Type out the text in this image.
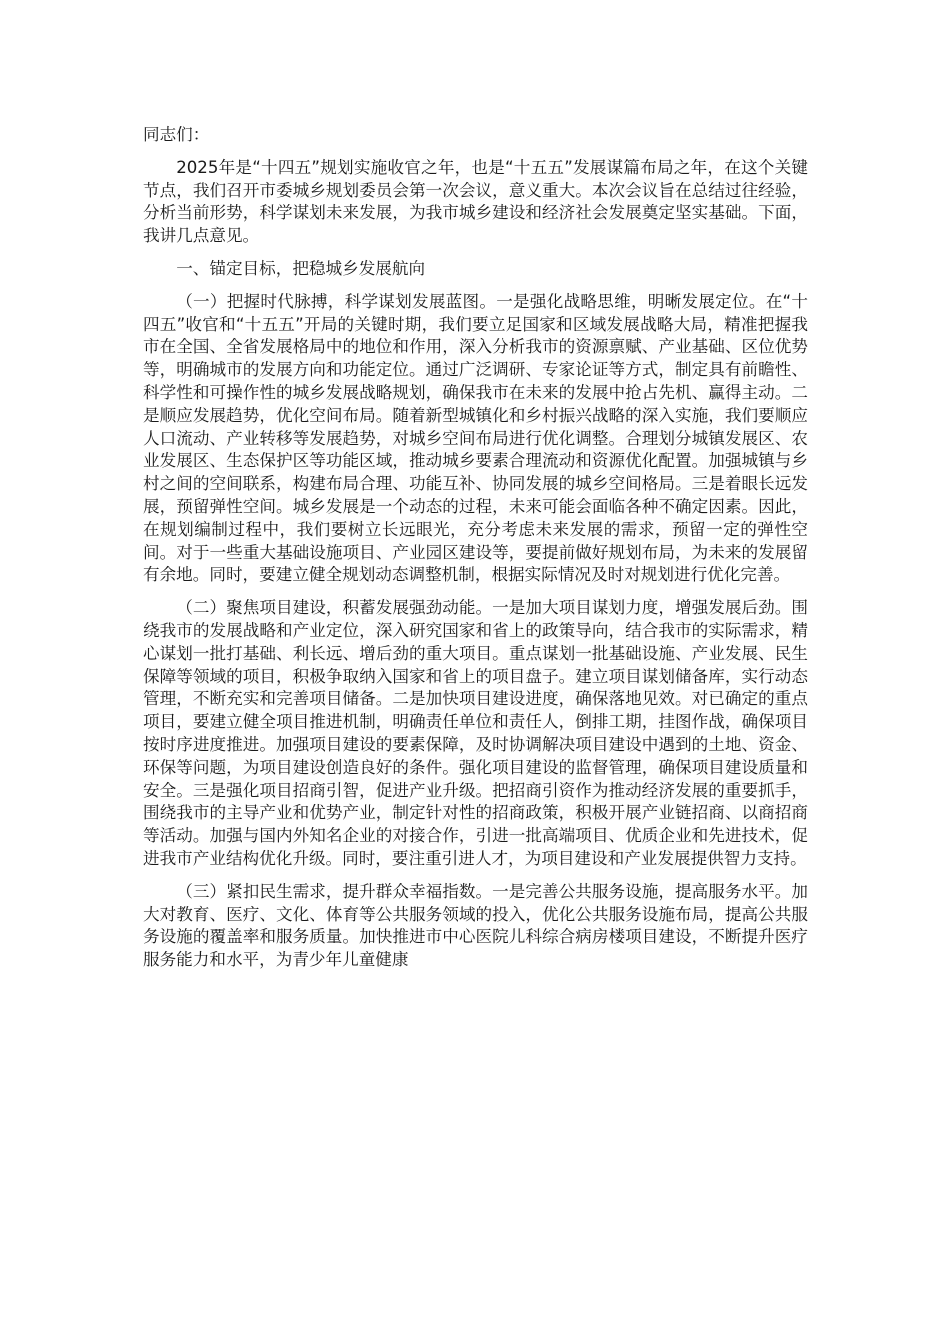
同志们：

2025年是“十四五”规划实施收官之年，也是“十五五”发展谋篇布局之年，在这个关键节点，我们召开市委城乡规划委员会第一次会议，意义重大。本次会议旨在总结过往经验，分析当前形势，科学谋划未来发展，为我市城乡建设和经济社会发展奠定坚实基础。下面，我讲几点意见。

一、锚定目标，把稳城乡发展航向

（一）把握时代脉搏，科学谋划发展蓝图。一是强化战略思维，明晰发展定位。在“十四五”收官和“十五五”开局的关键时期，我们要立足国家和区域发展战略大局，精准把握我市在全国、全省发展格局中的地位和作用，深入分析我市的资源禀赋、产业基础、区位优势等，明确城市的发展方向和功能定位。通过广泛调研、专家论证等方式，制定具有前瞻性、科学性和可操作性的城乡发展战略规划，确保我市在未来的发展中抢占先机、赢得主动。二是顺应发展趋势，优化空间布局。随着新型城镇化和乡村振兴战略的深入实施，我们要顺应人口流动、产业转移等发展趋势，对城乡空间布局进行优化调整。合理划分城镇发展区、农业发展区、生态保护区等功能区域，推动城乡要素合理流动和资源优化配置。加强城镇与乡村之间的空间联系，构建布局合理、功能互补、协同发展的城乡空间格局。三是着眼长远发展，预留弹性空间。城乡发展是一个动态的过程，未来可能会面临各种不确定因素。因此，在规划编制过程中，我们要树立长远眼光，充分考虑未来发展的需求，预留一定的弹性空间。对于一些重大基础设施项目、产业园区建设等，要提前做好规划布局，为未来的发展留有余地。同时，要建立健全规划动态调整机制，根据实际情况及时对规划进行优化完善。

（二）聚焦项目建设，积蓄发展强劲动能。一是加大项目谋划力度，增强发展后劲。围绕我市的发展战略和产业定位，深入研究国家和省上的政策导向，结合我市的实际需求，精心谋划一批打基础、利长远、增后劲的重大项目。重点谋划一批基础设施、产业发展、民生保障等领域的项目，积极争取纳入国家和省上的项目盘子。建立项目谋划储备库，实行动态管理，不断充实和完善项目储备。二是加快项目建设进度，确保落地见效。对已确定的重点项目，要建立健全项目推进机制，明确责任单位和责任人，倒排工期，挂图作战，确保项目按时序进度推进。加强项目建设的要素保障，及时协调解决项目建设中遇到的土地、资金、环保等问题，为项目建设创造良好的条件。强化项目建设的监督管理，确保项目建设质量和安全。三是强化项目招商引智，促进产业升级。把招商引资作为推动经济发展的重要抓手，围绕我市的主导产业和优势产业，制定针对性的招商政策，积极开展产业链招商、以商招商等活动。加强与国内外知名企业的对接合作，引进一批高端项目、优质企业和先进技术，促进我市产业结构优化升级。同时，要注重引进人才，为项目建设和产业发展提供智力支持。

（三）紧扣民生需求，提升群众幸福指数。一是完善公共服务设施，提高服务水平。加大对教育、医疗、文化、体育等公共服务领域的投入，优化公共服务设施布局，提高公共服务设施的覆盖率和服务质量。加快推进市中心医院儿科综合病房楼项目建设，不断提升医疗服务能力和水平，为青少年儿童健康
